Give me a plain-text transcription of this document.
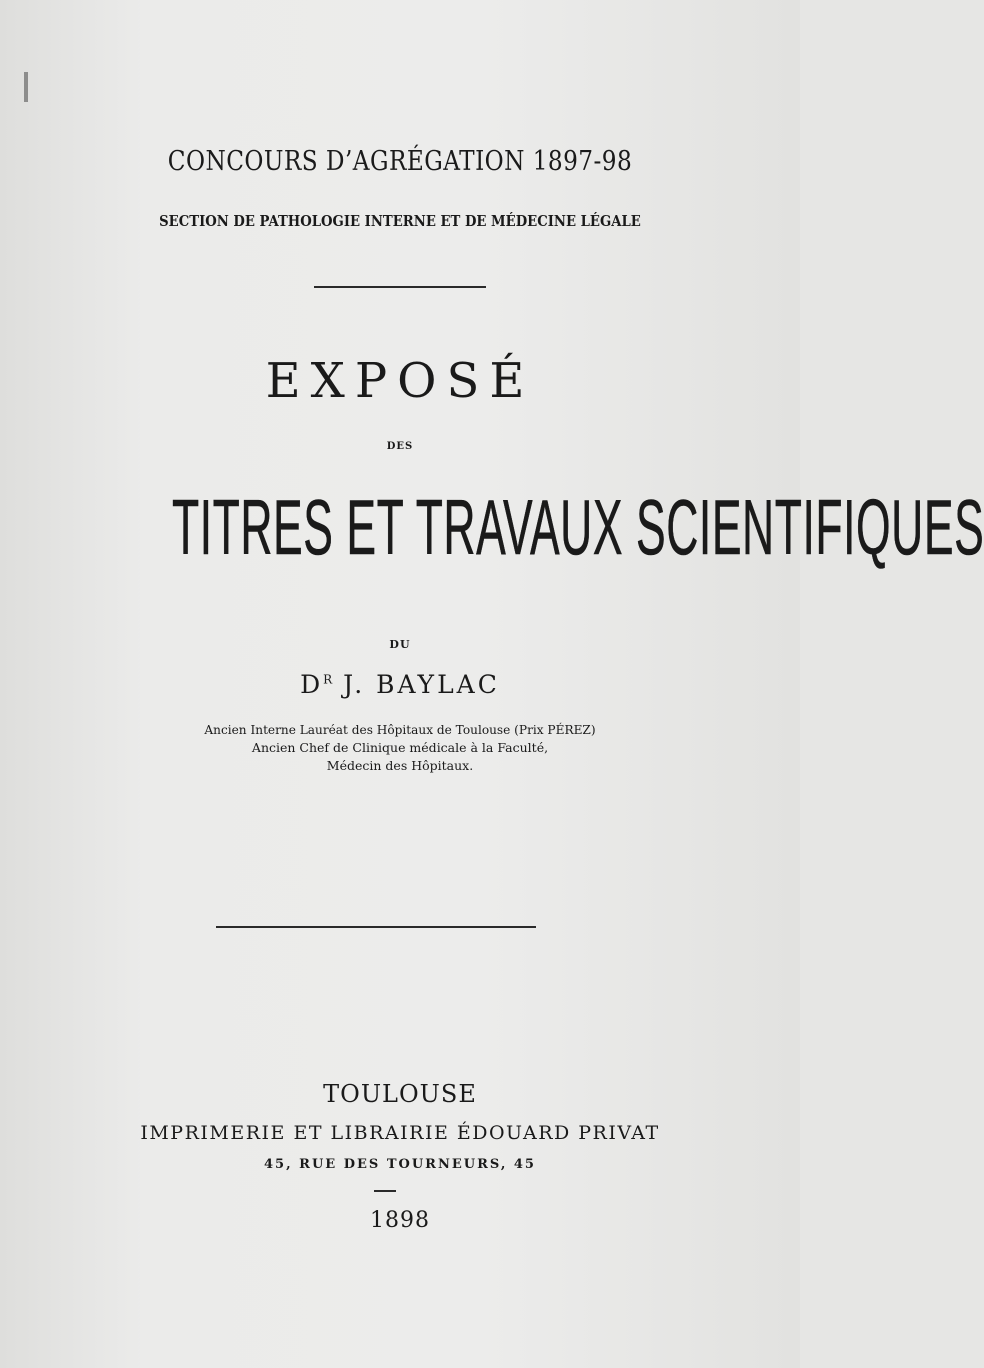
CONCOURS D’AGRÉGATION 1897-98
SECTION DE PATHOLOGIE INTERNE ET DE MÉDECINE LÉGALE
EXPOSÉ
DES
TITRES ET TRAVAUX SCIENTIFIQUES
DU
$D^R$ J. BAYLAC
Ancien Interne Lauréat des Hôpitaux de Toulouse (Prix PÉREZ)
Ancien Chef de Clinique médicale à la Faculté,
Médecin des Hôpitaux.
TOULOUSE
IMPRIMERIE ET LIBRAIRIE ÉDOUARD PRIVAT
45, RUE DES TOURNEURS, 45
1898
